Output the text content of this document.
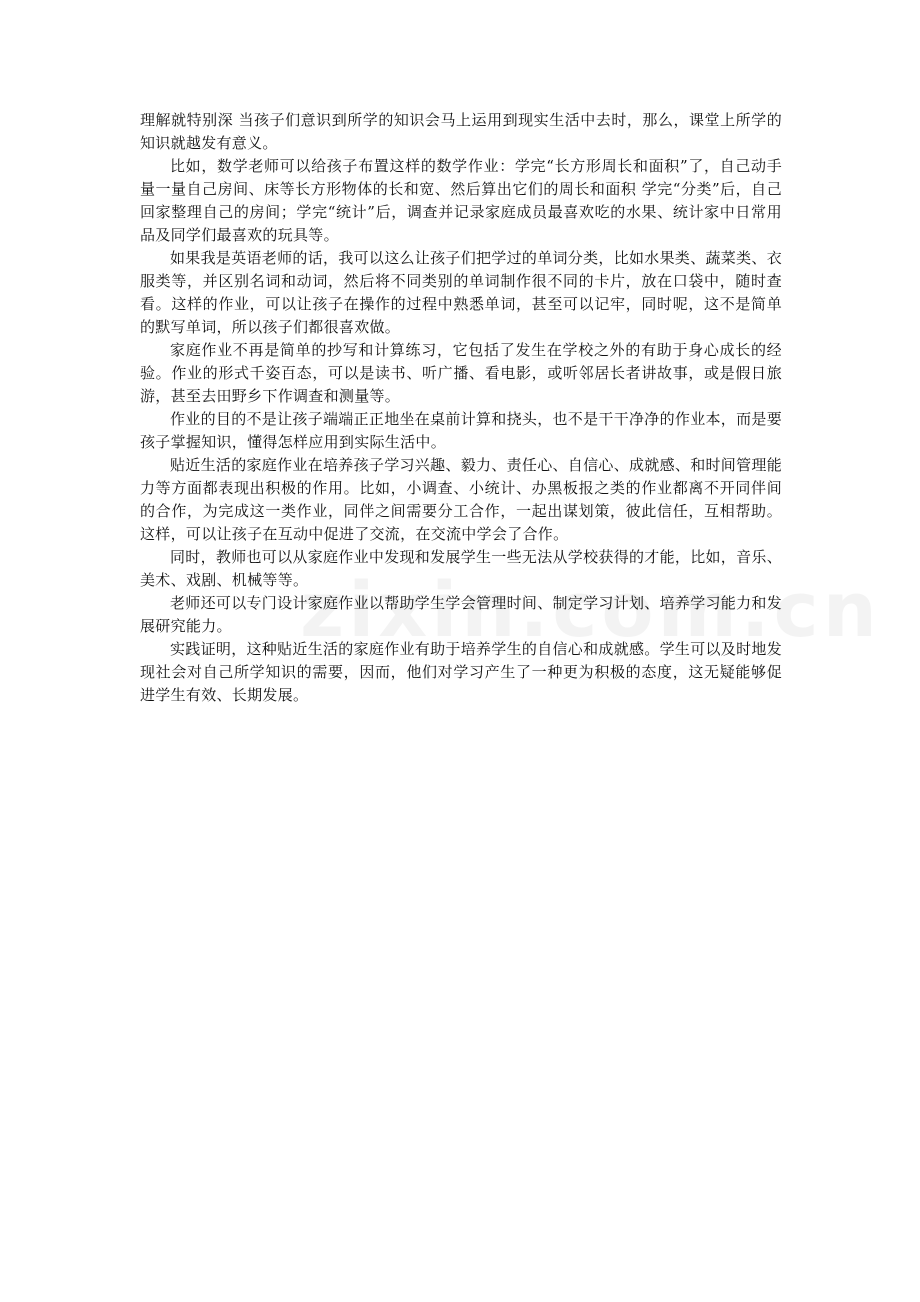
理解就特别深 当孩子们意识到所学的知识会马上运用到现实生活中去时，那么，课堂上所学的知识就越发有意义。

比如，数学老师可以给孩子布置这样的数学作业：学完“长方形周长和面积”了，自己动手量一量自己房间、床等长方形物体的长和宽、然后算出它们的周长和面积 学完“分类”后，自己回家整理自己的房间；学完“统计”后，调查并记录家庭成员最喜欢吃的水果、统计家中日常用品及同学们最喜欢的玩具等。

如果我是英语老师的话，我可以这么让孩子们把学过的单词分类，比如水果类、蔬菜类、衣服类等，并区别名词和动词，然后将不同类别的单词制作很不同的卡片，放在口袋中，随时查看。这样的作业，可以让孩子在操作的过程中熟悉单词，甚至可以记牢，同时呢，这不是简单的默写单词，所以孩子们都很喜欢做。

家庭作业不再是简单的抄写和计算练习，它包括了发生在学校之外的有助于身心成长的经验。作业的形式千姿百态，可以是读书、听广播、看电影，或听邻居长者讲故事，或是假日旅游，甚至去田野乡下作调查和测量等。

作业的目的不是让孩子端端正正地坐在桌前计算和挠头，也不是干干净净的作业本，而是要孩子掌握知识，懂得怎样应用到实际生活中。

贴近生活的家庭作业在培养孩子学习兴趣、毅力、责任心、自信心、成就感、和时间管理能力等方面都表现出积极的作用。比如，小调查、小统计、办黑板报之类的作业都离不开同伴间的合作，为完成这一类作业，同伴之间需要分工合作，一起出谋划策，彼此信任，互相帮助。这样，可以让孩子在互动中促进了交流，在交流中学会了合作。

同时，教师也可以从家庭作业中发现和发展学生一些无法从学校获得的才能，比如，音乐、美术、戏剧、机械等等。

老师还可以专门设计家庭作业以帮助学生学会管理时间、制定学习计划、培养学习能力和发展研究能力。

实践证明，这种贴近生活的家庭作业有助于培养学生的自信心和成就感。学生可以及时地发现社会对自己所学知识的需要，因而，他们对学习产生了一种更为积极的态度，这无疑能够促进学生有效、长期发展。
